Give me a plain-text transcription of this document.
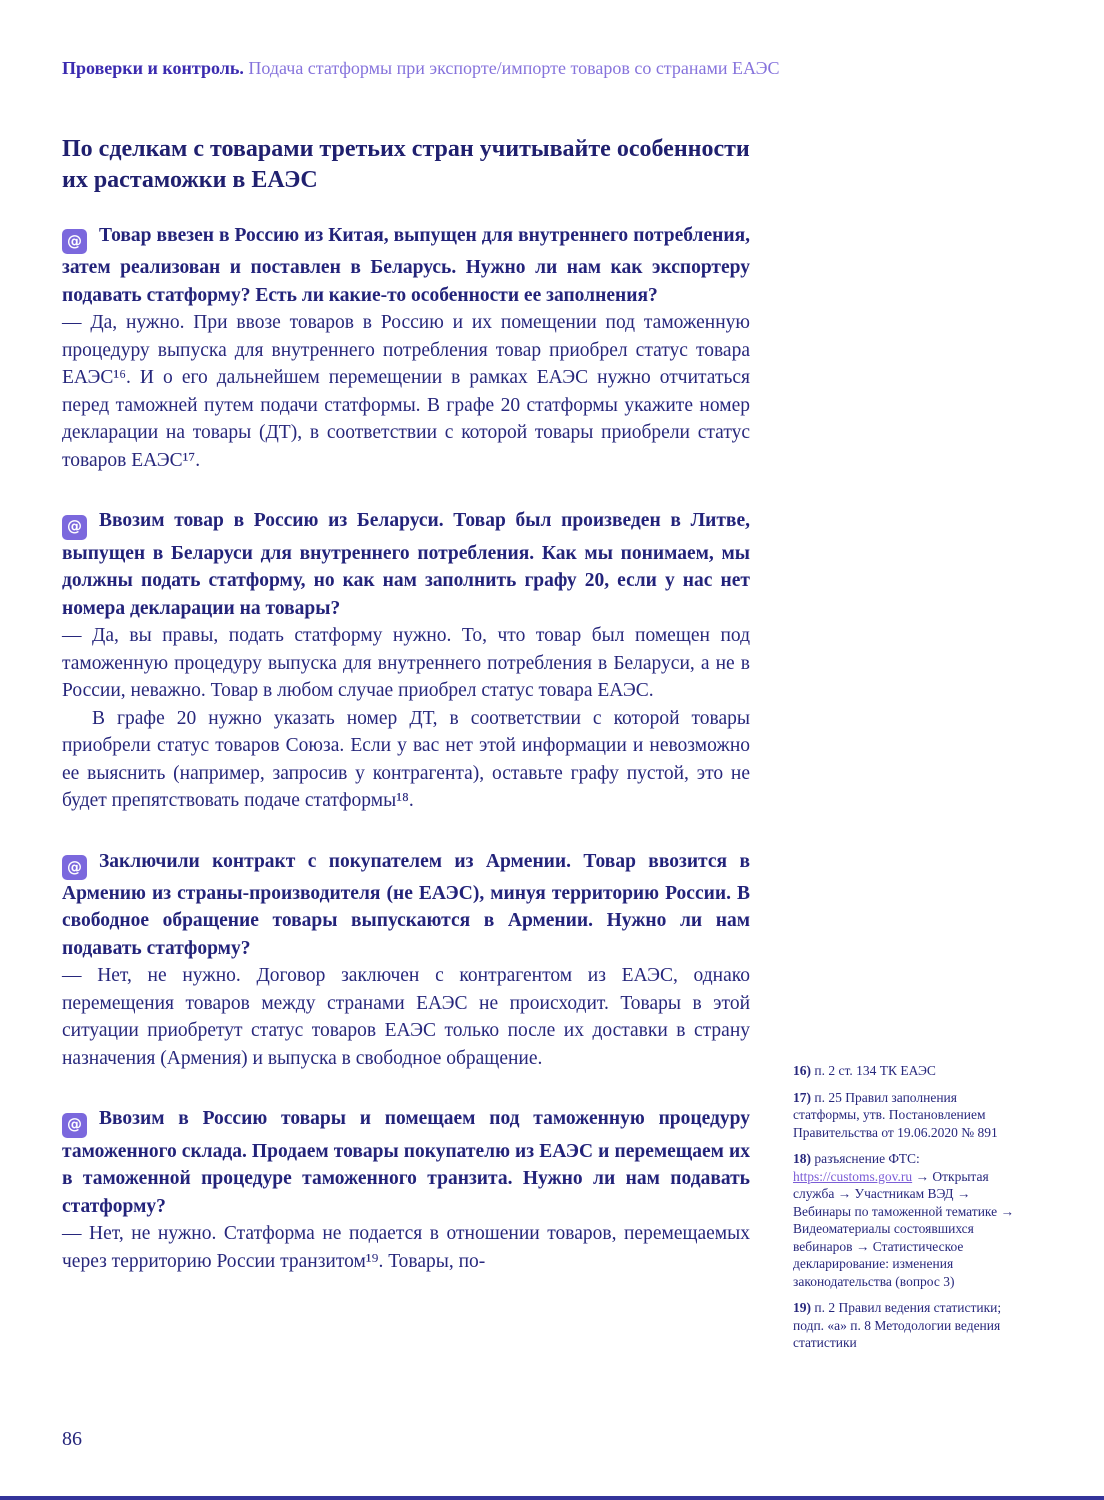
Проверки и контроль. Подача статформы при экспорте/импорте товаров со странами ЕАЭС
По сделкам с товарами третьих стран учитывайте особенности их растаможки в ЕАЭС

@ Товар ввезен в Россию из Китая, выпущен для внутреннего потребления, затем реализован и поставлен в Беларусь. Нужно ли нам как экспортеру подавать статформу? Есть ли какие-то особенности ее заполнения?

— Да, нужно. При ввозе товаров в Россию и их помещении под таможенную процедуру выпуска для внутреннего потребления товар приобрел статус товара ЕАЭС¹⁶. И о его дальнейшем перемещении в рамках ЕАЭС нужно отчитаться перед таможней путем подачи статформы. В графе 20 статформы укажите номер декларации на товары (ДТ), в соответствии с которой товары приобрели статус товаров ЕАЭС¹⁷.

@ Ввозим товар в Россию из Беларуси. Товар был произведен в Литве, выпущен в Беларуси для внутреннего потребления. Как мы понимаем, мы должны подать статформу, но как нам заполнить графу 20, если у нас нет номера декларации на товары?

— Да, вы правы, подать статформу нужно. То, что товар был помещен под таможенную процедуру выпуска для внутреннего потребления в Беларуси, а не в России, неважно. Товар в любом случае приобрел статус товара ЕАЭС.

В графе 20 нужно указать номер ДТ, в соответствии с которой товары приобрели статус товаров Союза. Если у вас нет этой информации и невозможно ее выяснить (например, запросив у контрагента), оставьте графу пустой, это не будет препятствовать подаче статформы¹⁸.

@ Заключили контракт с покупателем из Армении. Товар ввозится в Армению из страны-производителя (не ЕАЭС), минуя территорию России. В свободное обращение товары выпускаются в Армении. Нужно ли нам подавать статформу?

— Нет, не нужно. Договор заключен с контрагентом из ЕАЭС, однако перемещения товаров между странами ЕАЭС не происходит. Товары в этой ситуации приобретут статус товаров ЕАЭС только после их доставки в страну назначения (Армения) и выпуска в свободное обращение.

@ Ввозим в Россию товары и помещаем под таможенную процедуру таможенного склада. Продаем товары покупателю из ЕАЭС и перемещаем их в таможенной процедуре таможенного транзита. Нужно ли нам подавать статформу?

— Нет, не нужно. Статформа не подается в отношении товаров, перемещаемых через территорию России транзитом¹⁹. Товары, по-

16) п. 2 ст. 134 ТК ЕАЭС

17) п. 25 Правил заполнения статформы, утв. Постановлением Правительства от 19.06.2020 № 891

18) разъяснение ФТС: https://customs.gov.ru → Открытая служба → Участникам ВЭД → Вебинары по таможенной тематике → Видеоматериалы состоявшихся вебинаров → Статистическое декларирование: изменения законодательства (вопрос 3)

19) п. 2 Правил ведения статистики; подп. «а» п. 8 Методологии ведения статистики

86
